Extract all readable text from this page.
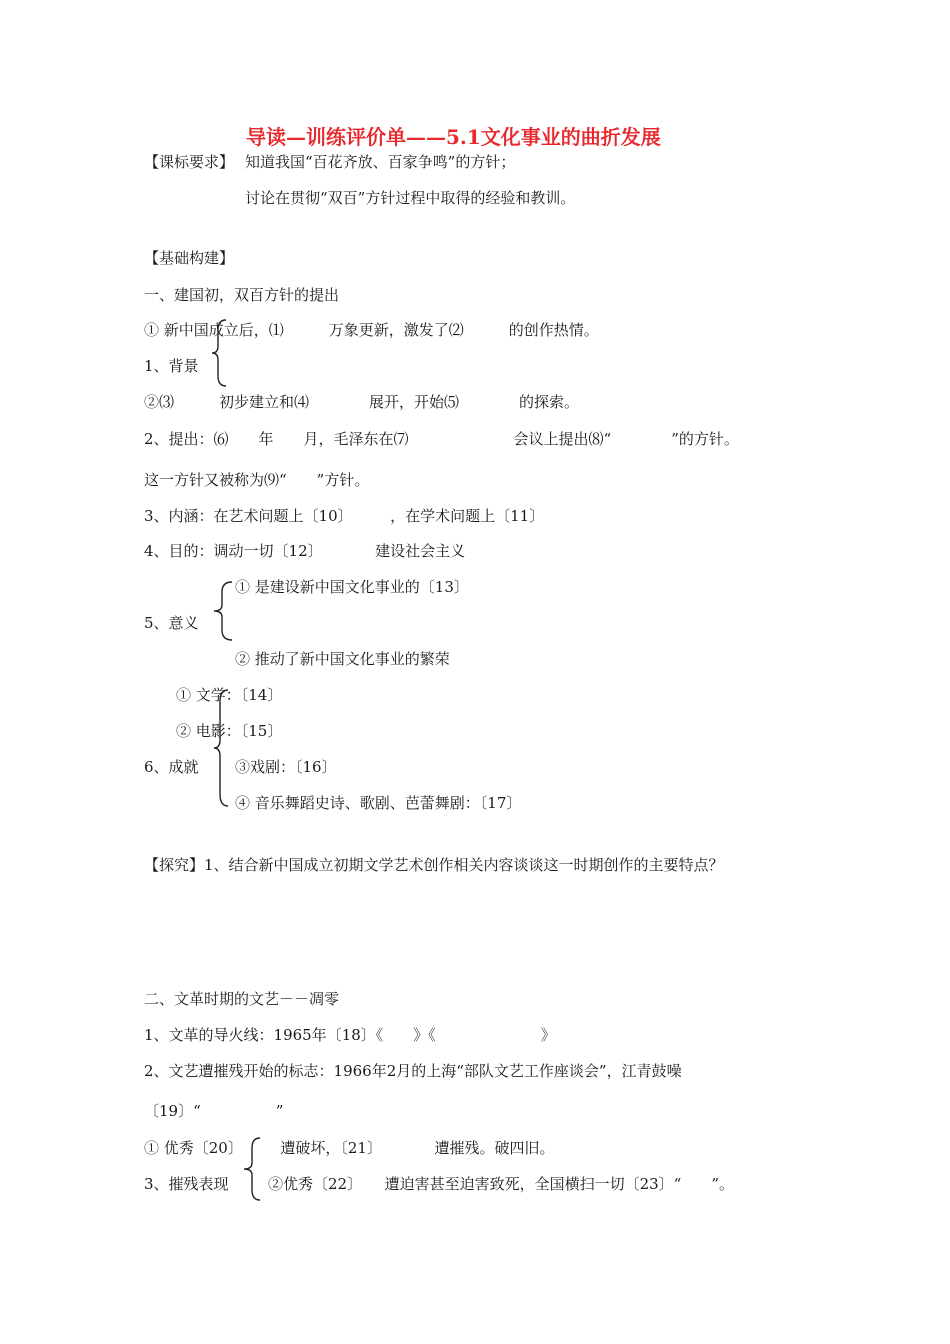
导读—训练评价单——5.1文化事业的曲折发展
【课标要求】 知道我国“百花齐放、百家争鸣”的方针；
讨论在贯彻“双百”方针过程中取得的经验和教训。
【基础构建】
一、建国初，双百方针的提出
① 新中国成立后，⑴　　　万象更新，激发了⑵　　　的创作热情。
1、背景
②⑶　　　初步建立和⑷　　　　展开，开始⑸　　　　的探索。
2、提出：⑹　　年　　月，毛泽东在⑺　　　　　　　会议上提出⑻“　　　　”的方针。
这一方针又被称为⑼“　　”方针。
3、内涵：在艺术问题上〔10〕　　　，在学术问题上〔11〕
4、目的：调动一切〔12〕　　　　建设社会主义
① 是建设新中国文化事业的〔13〕
5、意义
② 推动了新中国文化事业的繁荣
① 文学：〔14〕
② 电影：〔15〕
6、成就 ③戏剧：〔16〕
④ 音乐舞蹈史诗、歌剧、芭蕾舞剧：〔17〕
【探究】1、结合新中国成立初期文学艺术创作相关内容谈谈这一时期创作的主要特点？
二、文革时期的文艺－－凋零
1、文革的导火线：1965年〔18〕《　　》《　　　　　　　》
2、文艺遭摧残开始的标志：1966年2月的上海“部队文艺工作座谈会”，江青鼓噪
〔19〕“　　　　　”
① 优秀〔20〕　　　遭破坏，〔21〕　　　　遭摧残。破四旧。
3、摧残表现	②优秀〔22〕　　遭迫害甚至迫害致死，全国横扫一切〔23〕“　　”。
